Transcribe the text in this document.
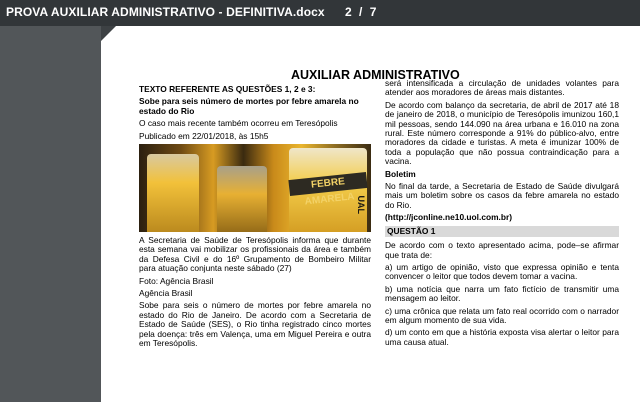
PROVA AUXILIAR ADMINISTRATIVO - DEFINITIVA.docx 2 / 7
AUXILIAR ADMINISTRATIVO

TEXTO REFERENTE AS QUESTÕES 1, 2 e 3:

Sobe para seis número de mortes por febre amarela no estado do Rio

O caso mais recente também ocorreu em Teresópolis

Publicado em 22/01/2018, às 15h5

FEBRE AMARELA UAL

A Secretaria de Saúde de Teresópolis informa que durante esta semana vai mobilizar os profissionais da área e também da Defesa Civil e do 16º Grupamento de Bombeiro Militar para atuação conjunta neste sábado (27)

Foto: Agência Brasil

Agência Brasil

Sobe para seis o número de mortes por febre amarela no estado do Rio de Janeiro. De acordo com a Secretaria de Estado de Saúde (SES), o Rio tinha registrado cinco mortes pela doença: três em Valença, uma em Miguel Pereira e outra em Teresópolis.

será intensificada a circulação de unidades volantes para atender aos moradores de áreas mais distantes.

De acordo com balanço da secretaria, de abril de 2017 até 18 de janeiro de 2018, o município de Teresópolis imunizou 160,1 mil pessoas, sendo 144.090 na área urbana e 16.010 na zona rural. Este número corresponde a 91% do público-alvo, entre moradores da cidade e turistas. A meta é imunizar 100% de toda a população que não possua contraindicação para a vacina.

Boletim

No final da tarde, a Secretaria de Estado de Saúde divulgará mais um boletim sobre os casos da febre amarela no estado do Rio.

(http://jconline.ne10.uol.com.br)

QUESTÃO 1

De acordo com o texto apresentado acima, pode–se afirmar que trata de:

a) um artigo de opinião, visto que expressa opinião e tenta convencer o leitor que todos devem tomar a vacina.

b) uma notícia que narra um fato fictício de transmitir uma mensagem ao leitor.

c) uma crônica que relata um fato real ocorrido com o narrador em algum momento de sua vida.

d) um conto em que a história exposta visa alertar o leitor para uma causa atual.
